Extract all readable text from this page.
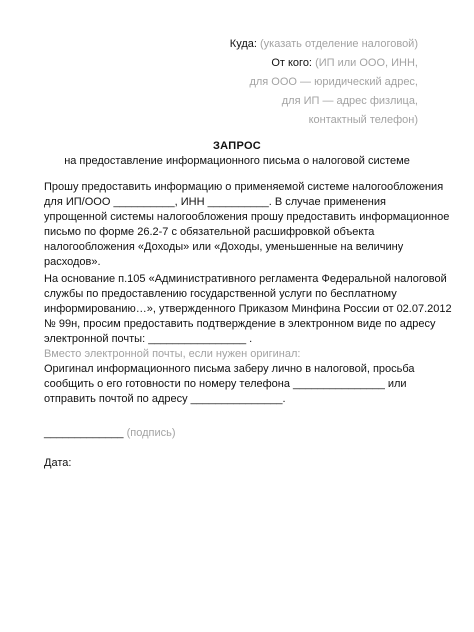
Куда: (указать отделение налоговой)
От кого: (ИП или ООО, ИНН,
для ООО — юридический адрес,
для ИП — адрес физлица,
контактный телефон)
ЗАПРОС
на предоставление информационного письма о налоговой системе
Прошу предоставить информацию о применяемой системе налогообложения
для ИП/ООО __________, ИНН __________. В случае применения
упрощенной системы налогообложения прошу предоставить информационное
письмо по форме 26.2-7 с обязательной расшифровкой объекта
налогообложения «Доходы» или «Доходы, уменьшенные на величину
расходов».
На основание п.105 «Административного регламента Федеральной налоговой
службы по предоставлению государственной услуги по бесплатному
информированию…», утвержденного Приказом Минфина России от 02.07.2012
№ 99н, просим предоставить подтверждение в электронном виде по адресу
электронной почты: ________________ .
Вместо электронной почты, если нужен оригинал:
Оригинал информационного письма заберу лично в налоговой, просьба
сообщить о его готовности по номеру телефона _______________ или
отправить почтой по адресу _______________.
_____________ (подпись)
Дата:
